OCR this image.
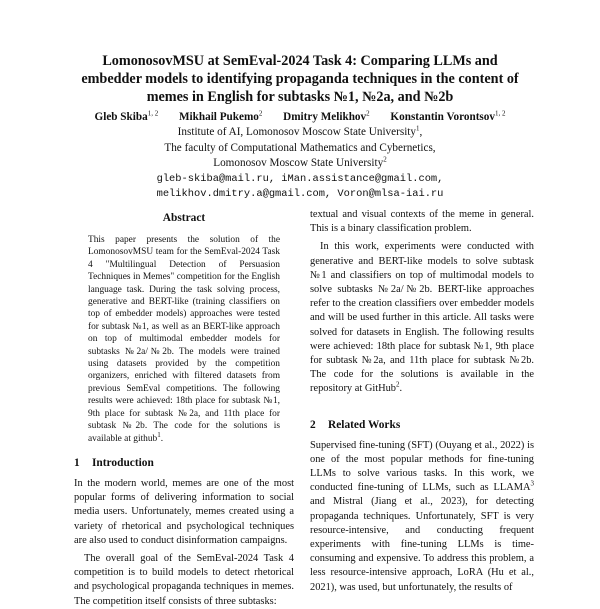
LomonosovMSU at SemEval-2024 Task 4: Comparing LLMs and
embedder models to identifying propaganda techniques in the content of
memes in English for subtasks №1, №2a, and №2b
Gleb Skiba$^{1, 2}$ Mikhail Pukemo$^2$ Dmitry Melikhov$^2$ Konstantin Vorontsov$^{1, 2}$
Institute of AI, Lomonosov Moscow State University$^1$,
The faculty of Computational Mathematics and Cybernetics,
Lomonosov Moscow State University$^2$
gleb-skiba@mail.ru, iMan.assistance@gmail.com,
melikhov.dmitry.a@gmail.com, Voron@mlsa-iai.ru
Abstract

This paper presents the solution of the LomonosovMSU team for the SemEval-2024 Task 4 "Multilingual Detection of Persuasion Techniques in Memes" competition for the English language task. During the task solving process, generative and BERT-like (training classifiers on top of embedder models) approaches were tested for subtask №1, as well as an BERT-like approach on top of multimodal embedder models for subtasks №2a/№2b. The models were trained using datasets provided by the competition organizers, enriched with filtered datasets from previous SemEval competitions. The following results were achieved: 18th place for subtask №1, 9th place for subtask №2a, and 11th place for subtask №2b. The code for the solutions is available at github$^1$.

1 Introduction

In the modern world, memes are one of the most popular forms of delivering information to social media users. Unfortunately, memes created using a variety of rhetorical and psychological techniques are also used to conduct disinformation campaigns.

The overall goal of the SemEval-2024 Task 4 competition is to build models to detect rhetorical and psychological propaganda techniques in memes. The competition itself consists of three subtasks:

textual and visual contexts of the meme in general. This is a binary classification problem.

In this work, experiments were conducted with generative and BERT-like models to solve subtask №1 and classifiers on top of multimodal models to solve subtasks №2a/№2b. BERT-like approaches refer to the creation classifiers over embedder models and will be used further in this article. All tasks were solved for datasets in English. The following results were achieved: 18th place for subtask №1, 9th place for subtask №2a, and 11th place for subtask №2b. The code for the solutions is available in the repository at GitHub$^2$.

2 Related Works

Supervised fine-tuning (SFT) (Ouyang et al., 2022) is one of the most popular methods for fine-tuning LLMs to solve various tasks. In this work, we conducted fine-tuning of LLMs, such as LLAMA$^3$ and Mistral (Jiang et al., 2023), for detecting propaganda techniques. Unfortunately, SFT is very resource-intensive, and conducting frequent experiments with fine-tuning LLMs is time-consuming and expensive. To address this problem, a less resource-intensive approach, LoRA (Hu et al., 2021), was used, but unfortunately, the results of
